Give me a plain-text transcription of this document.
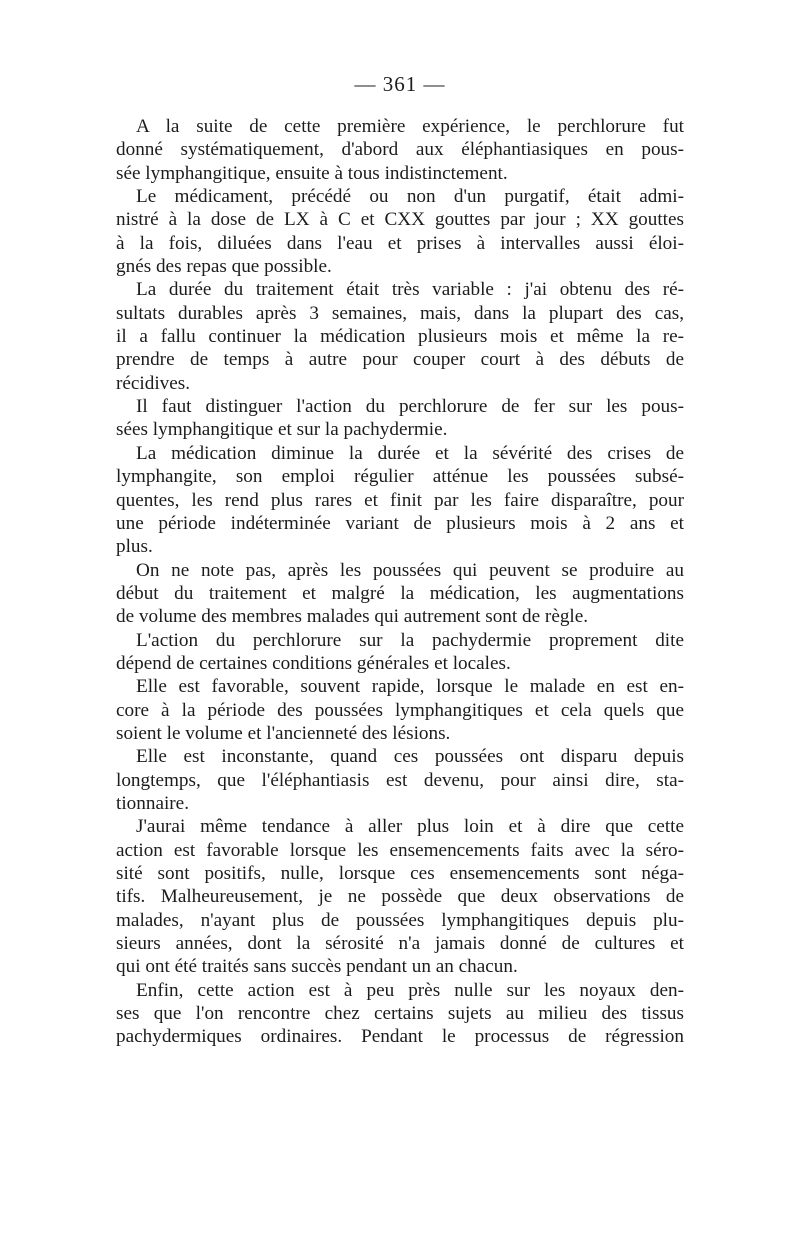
— 361 —
A la suite de cette première expérience, le perchlorure fut
donné systématiquement, d'abord aux éléphantiasiques en pous-
sée lymphangitique, ensuite à tous indistinctement.
Le médicament, précédé ou non d'un purgatif, était admi-
nistré à la dose de LX à C et CXX gouttes par jour ; XX gouttes
à la fois, diluées dans l'eau et prises à intervalles aussi éloi-
gnés des repas que possible.
La durée du traitement était très variable : j'ai obtenu des ré-
sultats durables après 3 semaines, mais, dans la plupart des cas,
il a fallu continuer la médication plusieurs mois et même la re-
prendre de temps à autre pour couper court à des débuts de
récidives.
Il faut distinguer l'action du perchlorure de fer sur les pous-
sées lymphangitique et sur la pachydermie.
La médication diminue la durée et la sévérité des crises de
lymphangite, son emploi régulier atténue les poussées subsé-
quentes, les rend plus rares et finit par les faire disparaître, pour
une période indéterminée variant de plusieurs mois à 2 ans et
plus.
On ne note pas, après les poussées qui peuvent se produire au
début du traitement et malgré la médication, les augmentations
de volume des membres malades qui autrement sont de règle.
L'action du perchlorure sur la pachydermie proprement dite
dépend de certaines conditions générales et locales.
Elle est favorable, souvent rapide, lorsque le malade en est en-
core à la période des poussées lymphangitiques et cela quels que
soient le volume et l'ancienneté des lésions.
Elle est inconstante, quand ces poussées ont disparu depuis
longtemps, que l'éléphantiasis est devenu, pour ainsi dire, sta-
tionnaire.
J'aurai même tendance à aller plus loin et à dire que cette
action est favorable lorsque les ensemencements faits avec la séro-
sité sont positifs, nulle, lorsque ces ensemencements sont néga-
tifs. Malheureusement, je ne possède que deux observations de
malades, n'ayant plus de poussées lymphangitiques depuis plu-
sieurs années, dont la sérosité n'a jamais donné de cultures et
qui ont été traités sans succès pendant un an chacun.
Enfin, cette action est à peu près nulle sur les noyaux den-
ses que l'on rencontre chez certains sujets au milieu des tissus
pachydermiques ordinaires. Pendant le processus de régression
